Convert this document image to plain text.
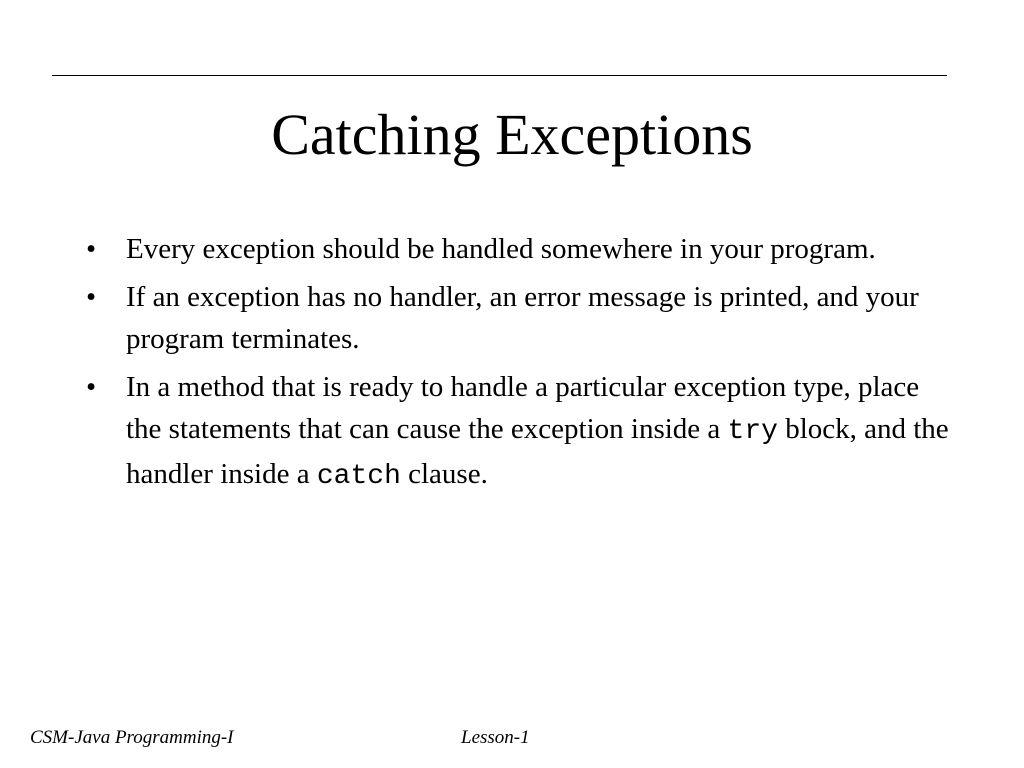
Catching Exceptions
• Every exception should be handled somewhere in your program.
• If an exception has no handler, an error message is printed, and your program terminates.
• In a method that is ready to handle a particular exception type, place the statements that can cause the exception inside a try block, and the handler inside a catch clause.
CSM-Java Programming-I	Lesson-1
